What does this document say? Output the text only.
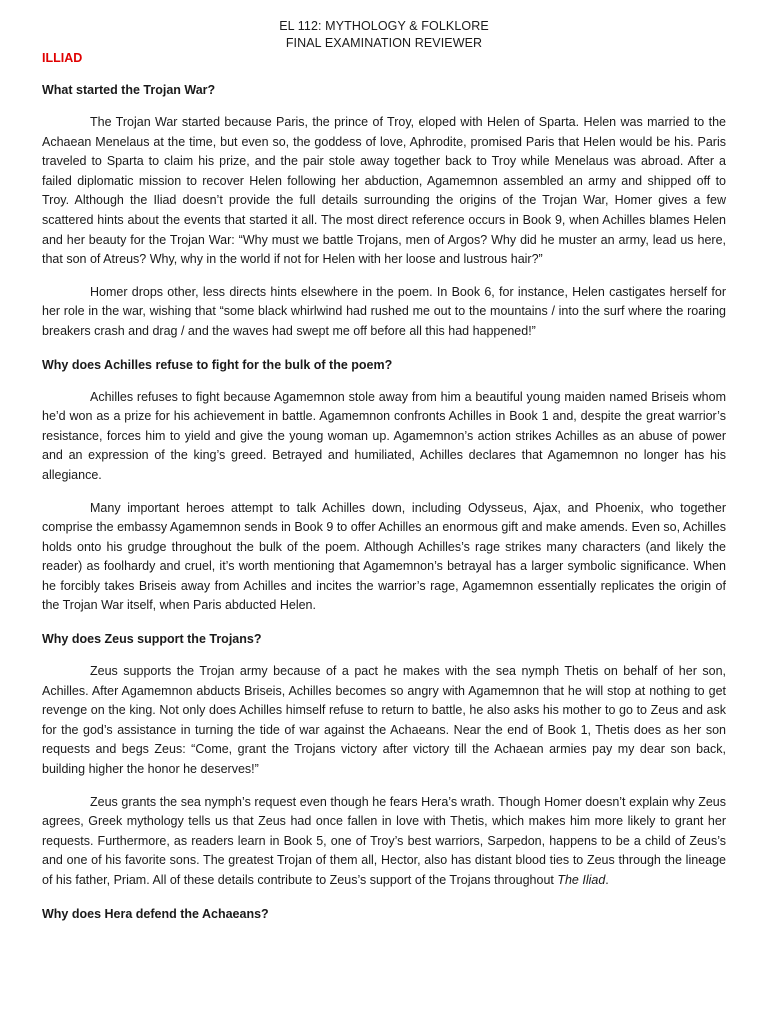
EL 112: MYTHOLOGY & FOLKLORE
FINAL EXAMINATION REVIEWER
ILLIAD

What started the Trojan War?

The Trojan War started because Paris, the prince of Troy, eloped with Helen of Sparta. Helen was married to the Achaean Menelaus at the time, but even so, the goddess of love, Aphrodite, promised Paris that Helen would be his. Paris traveled to Sparta to claim his prize, and the pair stole away together back to Troy while Menelaus was abroad. After a failed diplomatic mission to recover Helen following her abduction, Agamemnon assembled an army and shipped off to Troy. Although the Iliad doesn’t provide the full details surrounding the origins of the Trojan War, Homer gives a few scattered hints about the events that started it all. The most direct reference occurs in Book 9, when Achilles blames Helen and her beauty for the Trojan War: “Why must we battle Trojans, men of Argos? Why did he muster an army, lead us here, that son of Atreus? Why, why in the world if not for Helen with her loose and lustrous hair?”

Homer drops other, less directs hints elsewhere in the poem. In Book 6, for instance, Helen castigates herself for her role in the war, wishing that “some black whirlwind had rushed me out to the mountains / into the surf where the roaring breakers crash and drag / and the waves had swept me off before all this had happened!”

Why does Achilles refuse to fight for the bulk of the poem?

Achilles refuses to fight because Agamemnon stole away from him a beautiful young maiden named Briseis whom he’d won as a prize for his achievement in battle. Agamemnon confronts Achilles in Book 1 and, despite the great warrior’s resistance, forces him to yield and give the young woman up. Agamemnon’s action strikes Achilles as an abuse of power and an expression of the king’s greed. Betrayed and humiliated, Achilles declares that Agamemnon no longer has his allegiance.

Many important heroes attempt to talk Achilles down, including Odysseus, Ajax, and Phoenix, who together comprise the embassy Agamemnon sends in Book 9 to offer Achilles an enormous gift and make amends. Even so, Achilles holds onto his grudge throughout the bulk of the poem. Although Achilles’s rage strikes many characters (and likely the reader) as foolhardy and cruel, it’s worth mentioning that Agamemnon’s betrayal has a larger symbolic significance. When he forcibly takes Briseis away from Achilles and incites the warrior’s rage, Agamemnon essentially replicates the origin of the Trojan War itself, when Paris abducted Helen.

Why does Zeus support the Trojans?

Zeus supports the Trojan army because of a pact he makes with the sea nymph Thetis on behalf of her son, Achilles. After Agamemnon abducts Briseis, Achilles becomes so angry with Agamemnon that he will stop at nothing to get revenge on the king. Not only does Achilles himself refuse to return to battle, he also asks his mother to go to Zeus and ask for the god’s assistance in turning the tide of war against the Achaeans. Near the end of Book 1, Thetis does as her son requests and begs Zeus: “Come, grant the Trojans victory after victory till the Achaean armies pay my dear son back, building higher the honor he deserves!”

Zeus grants the sea nymph’s request even though he fears Hera’s wrath. Though Homer doesn’t explain why Zeus agrees, Greek mythology tells us that Zeus had once fallen in love with Thetis, which makes him more likely to grant her requests. Furthermore, as readers learn in Book 5, one of Troy’s best warriors, Sarpedon, happens to be a child of Zeus’s and one of his favorite sons. The greatest Trojan of them all, Hector, also has distant blood ties to Zeus through the lineage of his father, Priam. All of these details contribute to Zeus’s support of the Trojans throughout The Iliad.

Why does Hera defend the Achaeans?
